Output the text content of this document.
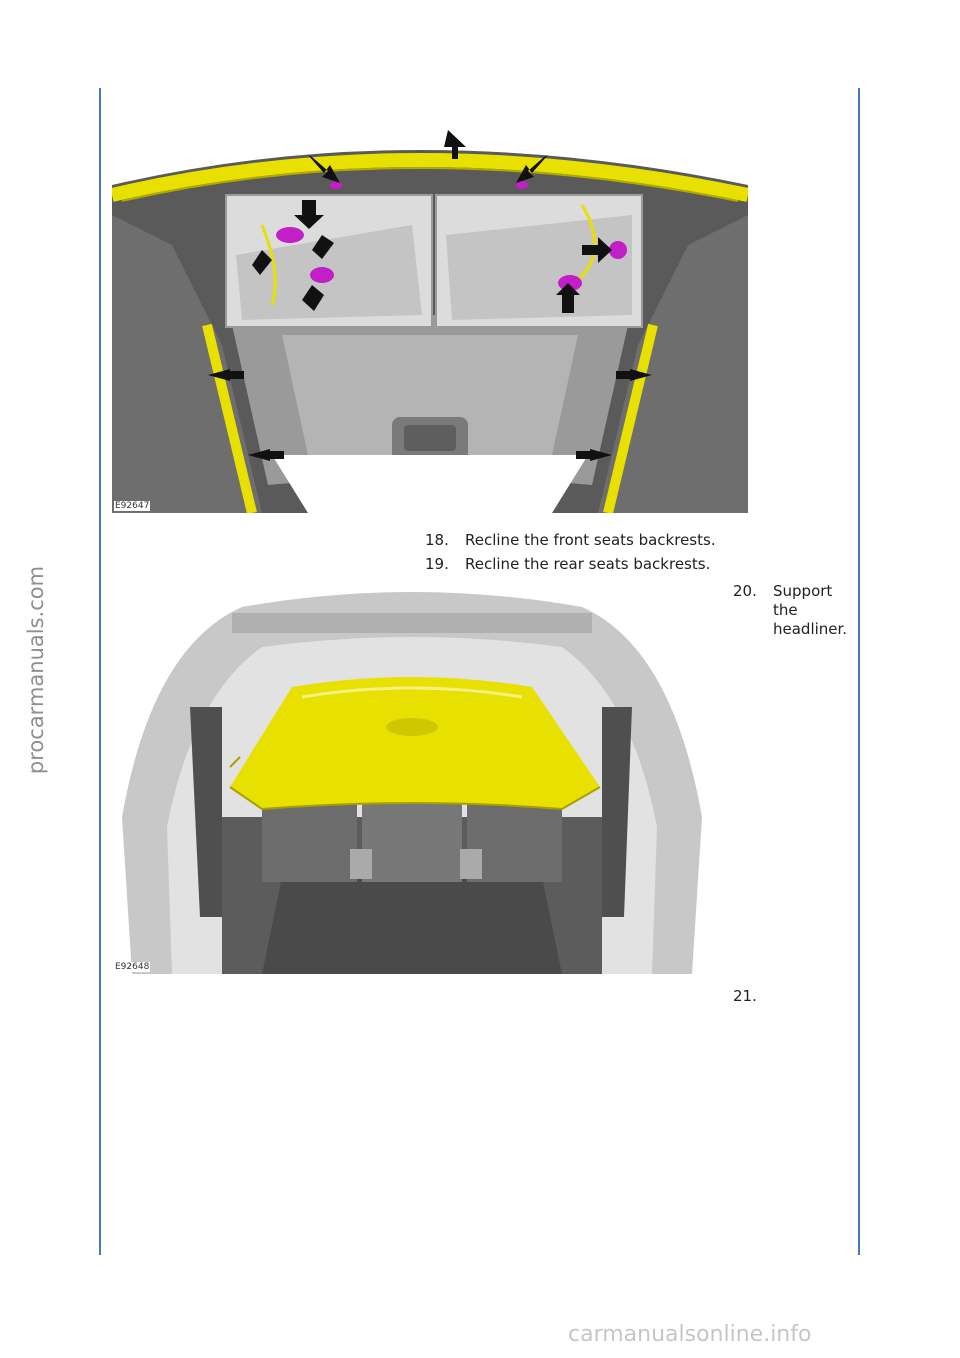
procarmanuals.com
E92647
18. Recline the front seats backrests.
19. Recline the rear seats backrests.
20. Support the headliner.
E92648
21.
carmanualsonline.info
